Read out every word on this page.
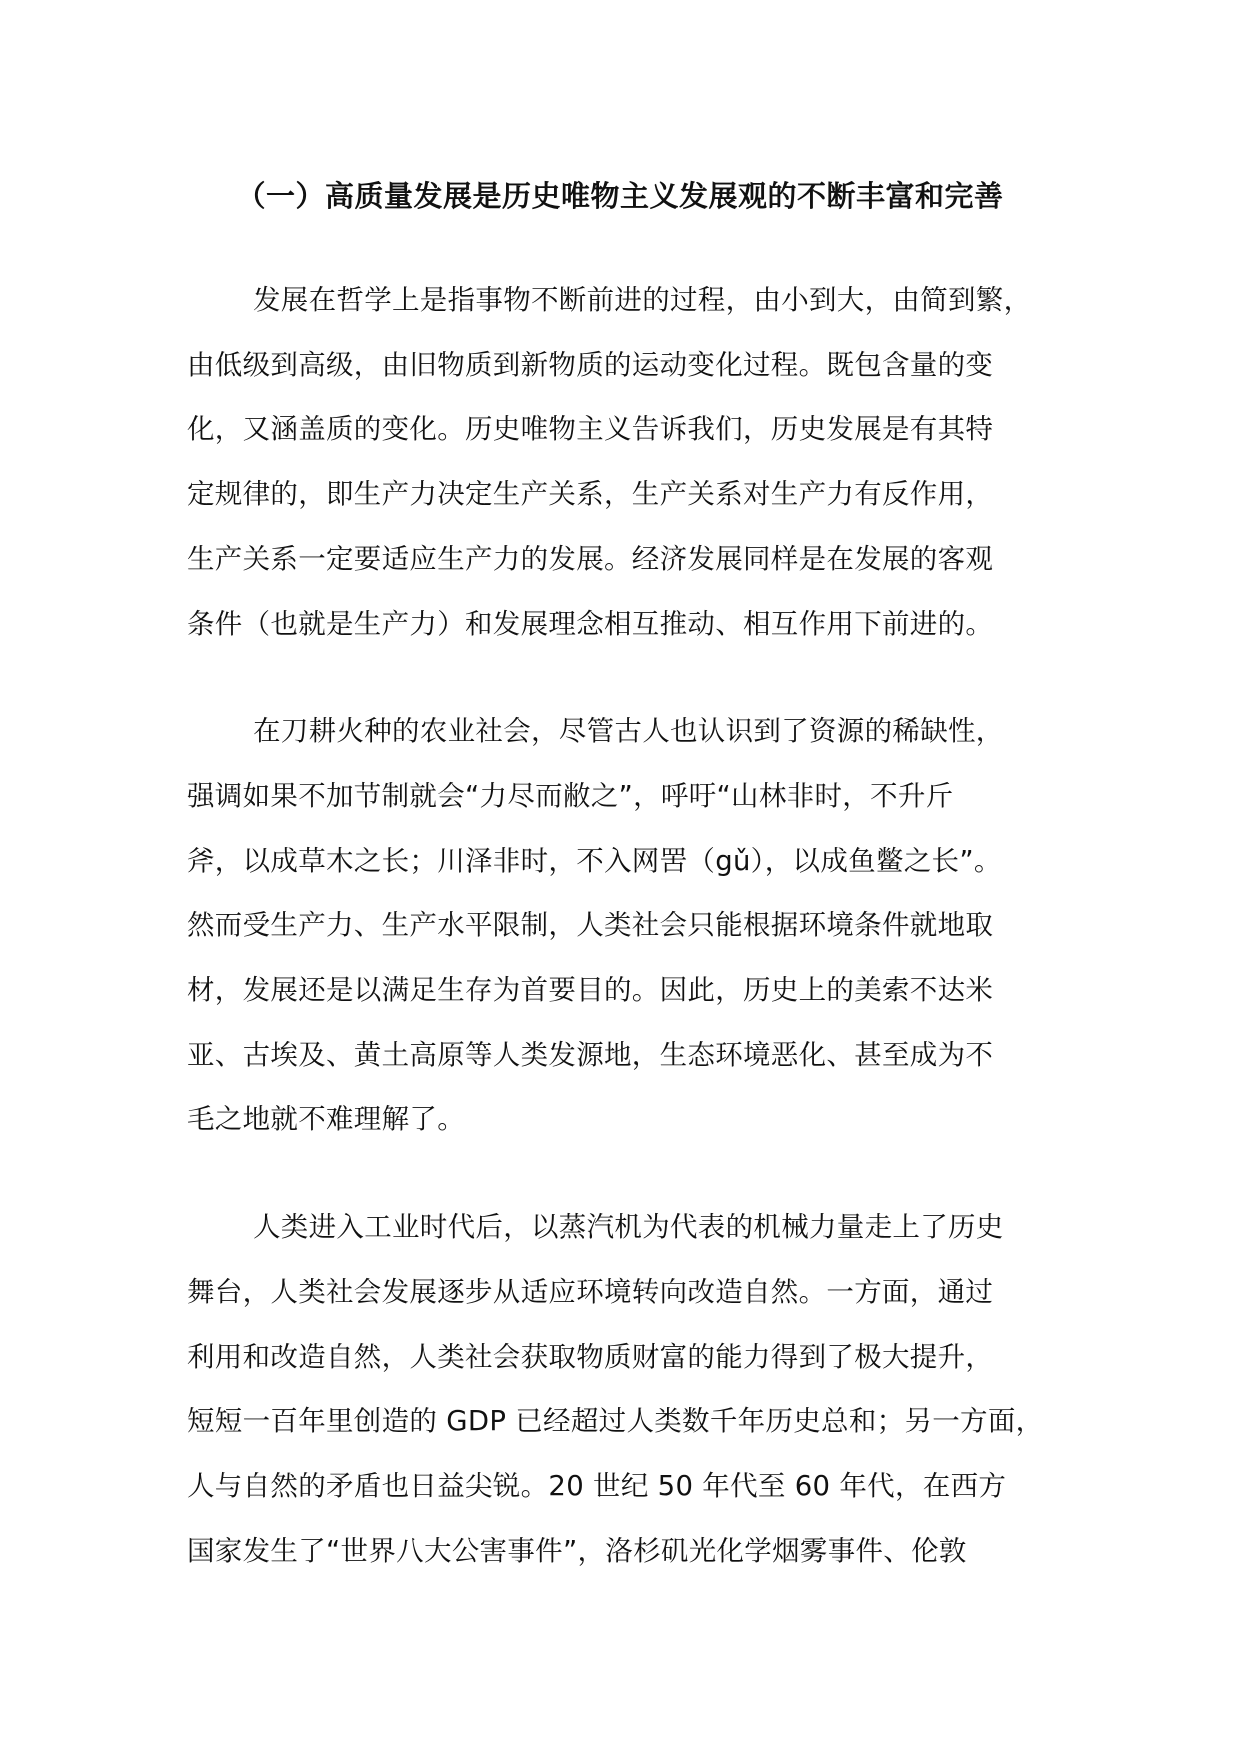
（一）高质量发展是历史唯物主义发展观的不断丰富和完善

发展在哲学上是指事物不断前进的过程，由小到大，由简到繁，
由低级到高级，由旧物质到新物质的运动变化过程。既包含量的变
化，又涵盖质的变化。历史唯物主义告诉我们，历史发展是有其特
定规律的，即生产力决定生产关系，生产关系对生产力有反作用，
生产关系一定要适应生产力的发展。经济发展同样是在发展的客观
条件（也就是生产力）和发展理念相互推动、相互作用下前进的。

在刀耕火种的农业社会，尽管古人也认识到了资源的稀缺性，
强调如果不加节制就会“力尽而敝之”，呼吁“山林非时，不升斤
斧，以成草木之长；川泽非时，不入网罟（gǔ），以成鱼鳖之长”。
然而受生产力、生产水平限制，人类社会只能根据环境条件就地取
材，发展还是以满足生存为首要目的。因此，历史上的美索不达米
亚、古埃及、黄土高原等人类发源地，生态环境恶化、甚至成为不
毛之地就不难理解了。

人类进入工业时代后，以蒸汽机为代表的机械力量走上了历史
舞台，人类社会发展逐步从适应环境转向改造自然。一方面，通过
利用和改造自然，人类社会获取物质财富的能力得到了极大提升，
短短一百年里创造的 GDP 已经超过人类数千年历史总和；另一方面，
人与自然的矛盾也日益尖锐。20 世纪 50 年代至 60 年代，在西方
国家发生了“世界八大公害事件”，洛杉矶光化学烟雾事件、伦敦
